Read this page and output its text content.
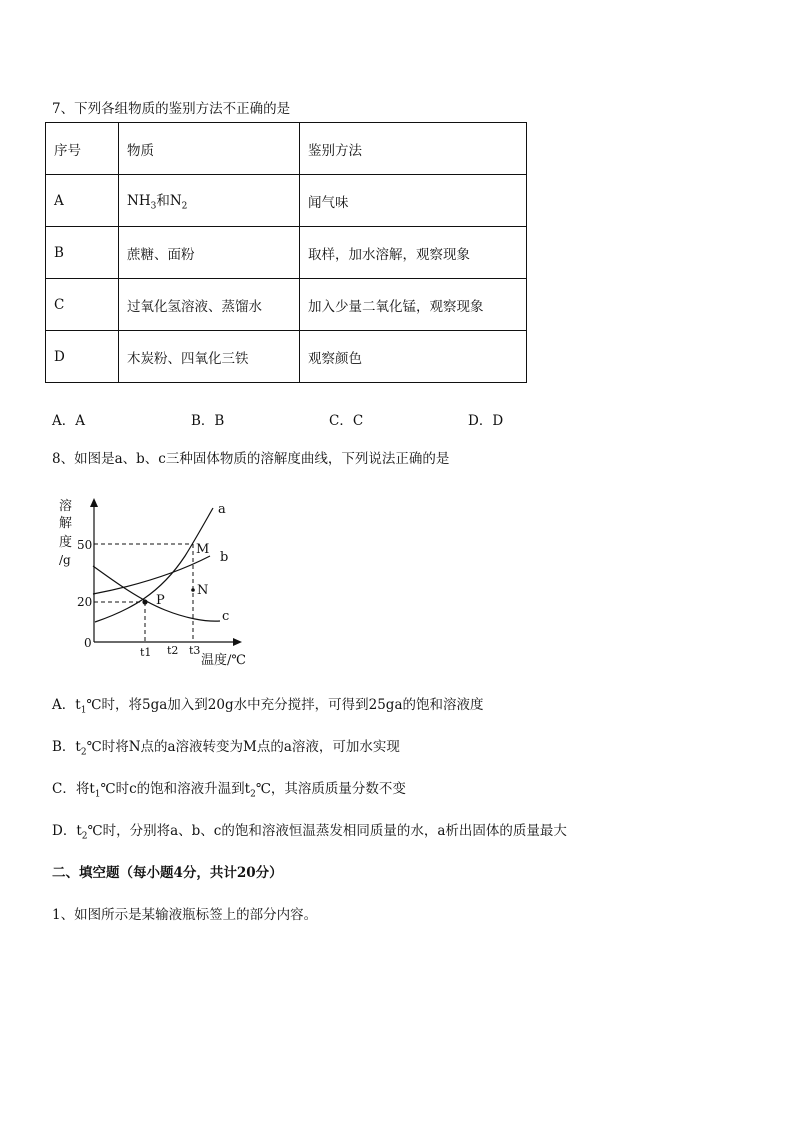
7、下列各组物质的鉴别方法不正确的是
序号	物质	鉴别方法
A	$NH_3$和$N_2$	闻气味
B	蔗糖、面粉	取样，加水溶解，观察现象
C	过氧化氢溶液、蒸馏水	加入少量二氧化锰，观察现象
D	木炭粉、四氧化三铁	观察颜色
A．A	B．B	C．C	D．D
8、如图是a、b、c三种固体物质的溶解度曲线，下列说法正确的是
溶
解
度
/g
50
20
0
a
b
c
M
N
P
t1 t2 t3
温度/℃
A．$t_1℃$时，将5ga加入到20g水中充分搅拌，可得到25ga的饱和溶液度
B．$t_2℃$时将N点的a溶液转变为M点的a溶液，可加水实现
C．将$t_1℃$时c的饱和溶液升温到$t_2℃$，其溶质质量分数不变
D．$t_2℃$时，分别将a、b、c的饱和溶液恒温蒸发相同质量的水，a析出固体的质量最大
二、填空题（每小题4分，共计20分）
1、如图所示是某输液瓶标签上的部分内容。
